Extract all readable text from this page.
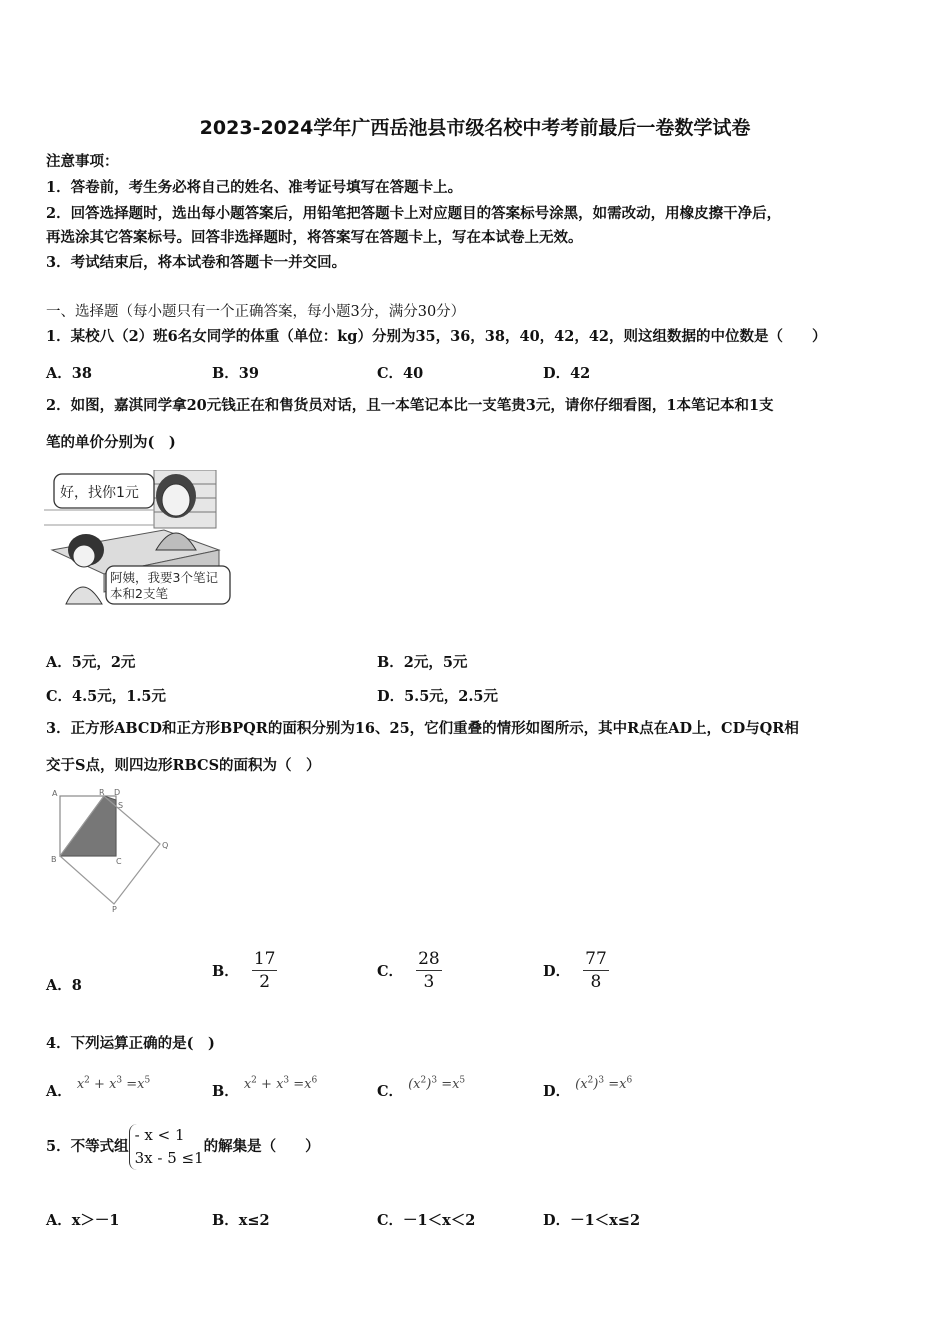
2023-2024学年广西岳池县市级名校中考考前最后一卷数学试卷
注意事项：
1．答卷前，考生务必将自己的姓名、准考证号填写在答题卡上。
2．回答选择题时，选出每小题答案后，用铅笔把答题卡上对应题目的答案标号涂黑，如需改动，用橡皮擦干净后，
再选涂其它答案标号。回答非选择题时，将答案写在答题卡上，写在本试卷上无效。
3．考试结束后，将本试卷和答题卡一并交回。
一、选择题（每小题只有一个正确答案，每小题3分，满分30分）
1．某校八（2）班6名女同学的体重（单位：kg）分别为35，36，38，40，42，42，则这组数据的中位数是（　　）
A．38	B．39	C．40	D．42
2．如图，嘉淇同学拿20元钱正在和售货员对话，且一本笔记本比一支笔贵3元，请你仔细看图，1本笔记本和1支
笔的单价分别为(　)
好，找你1元
阿姨，我要3个笔记
本和2支笔
A．5元，2元	B．2元，5元
C．4.5元，1.5元	D．5.5元，2.5元
3．正方形ABCD和正方形BPQR的面积分别为16、25，它们重叠的情形如图所示，其中R点在AD上，CD与QR相
交于S点，则四边形RBCS的面积为（　）
A	R D
S
B	C
Q
P
A．8
B． $\frac{17}{2}$	C． $\frac{28}{3}$	D． $\frac{77}{8}$
4．下列运算正确的是(　)
A． $x^2 + x^3 =x^5$
B． $x^2 + x^3 =x^6$
C． $(x^2)^3 =x^5$
D． $(x^2)^3 =x^6$
5．不等式组
- x < 1
3x - 5 ≤1
的解集是（　　）
A．x＞－1	B．x≤2	C．－1＜x＜2	D．－1＜x≤2
